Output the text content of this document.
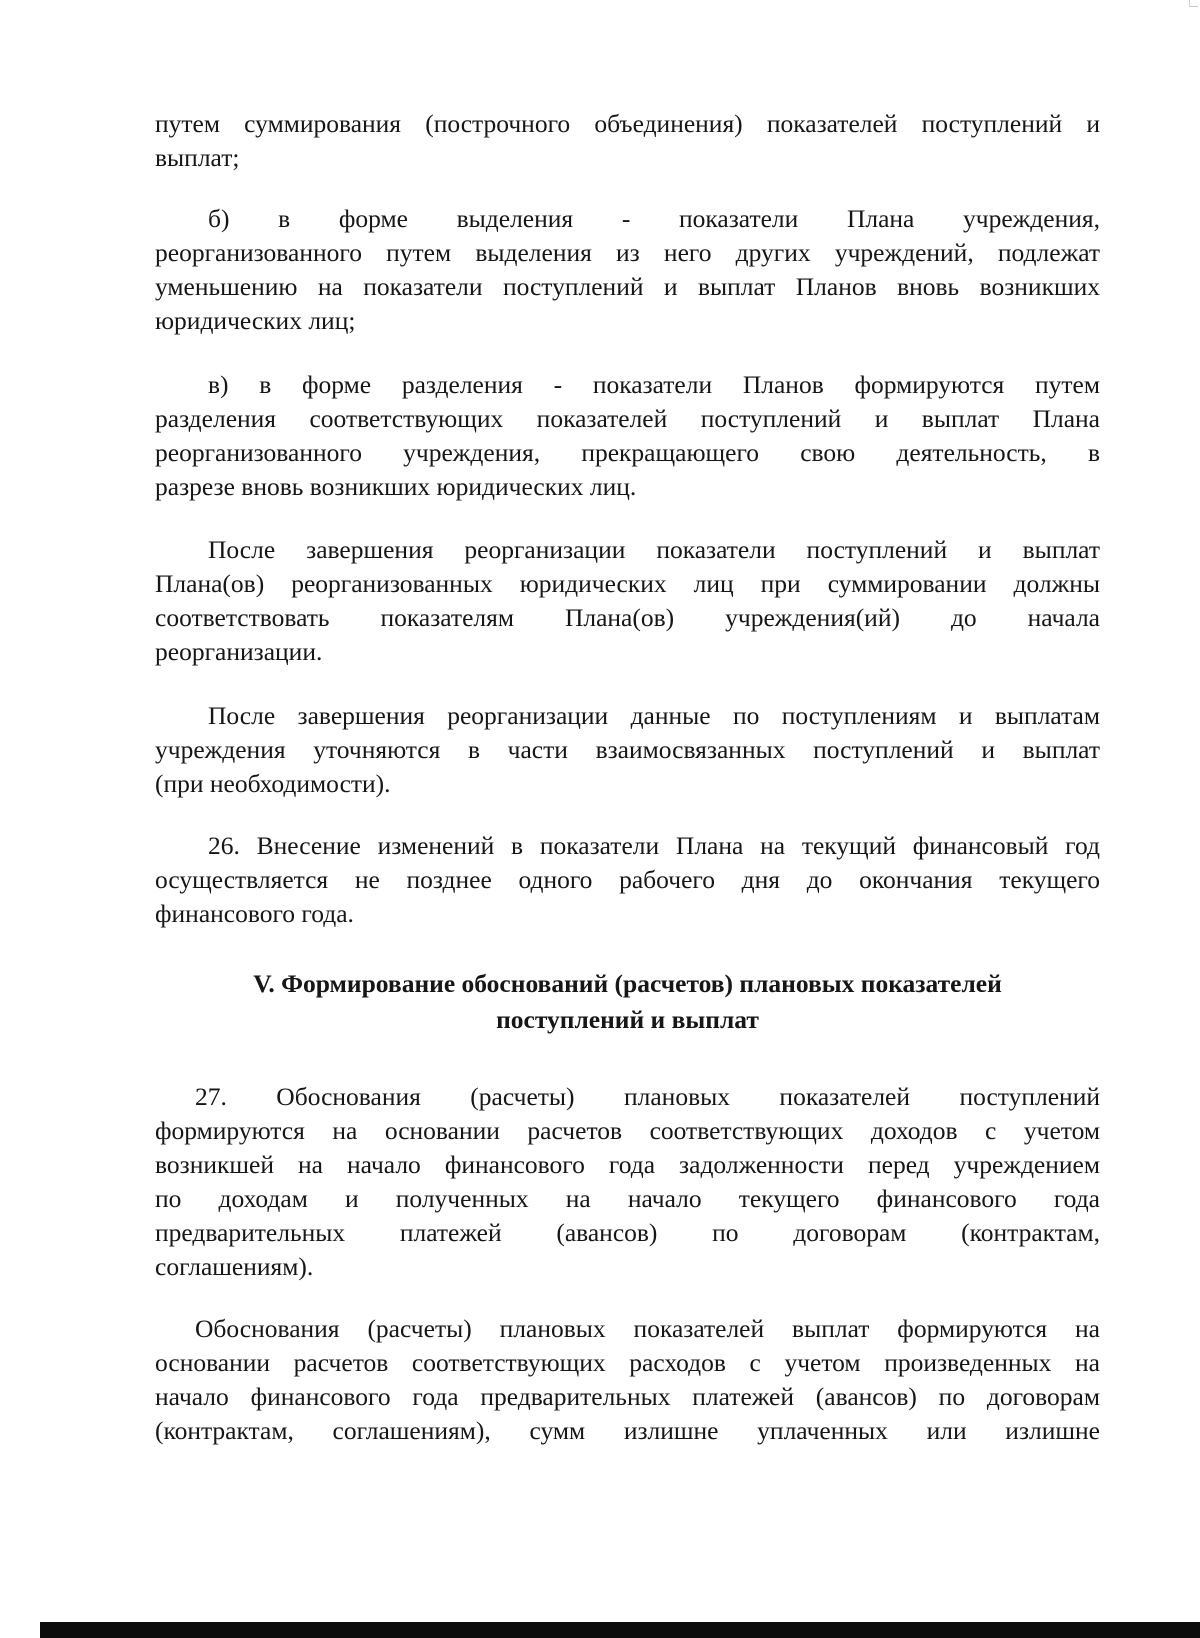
путем суммирования (построчного объединения) показателей поступлений и

выплат;

б) в форме выделения - показатели Плана учреждения,

реорганизованного путем выделения из него других учреждений, подлежат

уменьшению на показатели поступлений и выплат Планов вновь возникших

юридических лиц;

в) в форме разделения - показатели Планов формируются путем

разделения соответствующих показателей поступлений и выплат Плана

реорганизованного учреждения, прекращающего свою деятельность, в

разрезе вновь возникших юридических лиц.

После завершения реорганизации показатели поступлений и выплат

Плана(ов) реорганизованных юридических лиц при суммировании должны

соответствовать показателям Плана(ов) учреждения(ий) до начала

реорганизации.

После завершения реорганизации данные по поступлениям и выплатам

учреждения уточняются в части взаимосвязанных поступлений и выплат

(при необходимости).

26. Внесение изменений в показатели Плана на текущий финансовый год

осуществляется не позднее одного рабочего дня до окончания текущего

финансового года.

V. Формирование обоснований (расчетов) плановых показателей
поступлений и выплат

27. Обоснования (расчеты) плановых показателей поступлений

формируются на основании расчетов соответствующих доходов с учетом

возникшей на начало финансового года задолженности перед учреждением

по доходам и полученных на начало текущего финансового года

предварительных платежей (авансов) по договорам (контрактам,

соглашениям).

Обоснования (расчеты) плановых показателей выплат формируются на

основании расчетов соответствующих расходов с учетом произведенных на

начало финансового года предварительных платежей (авансов) по договорам

(контрактам, соглашениям), сумм излишне уплаченных или излишне
